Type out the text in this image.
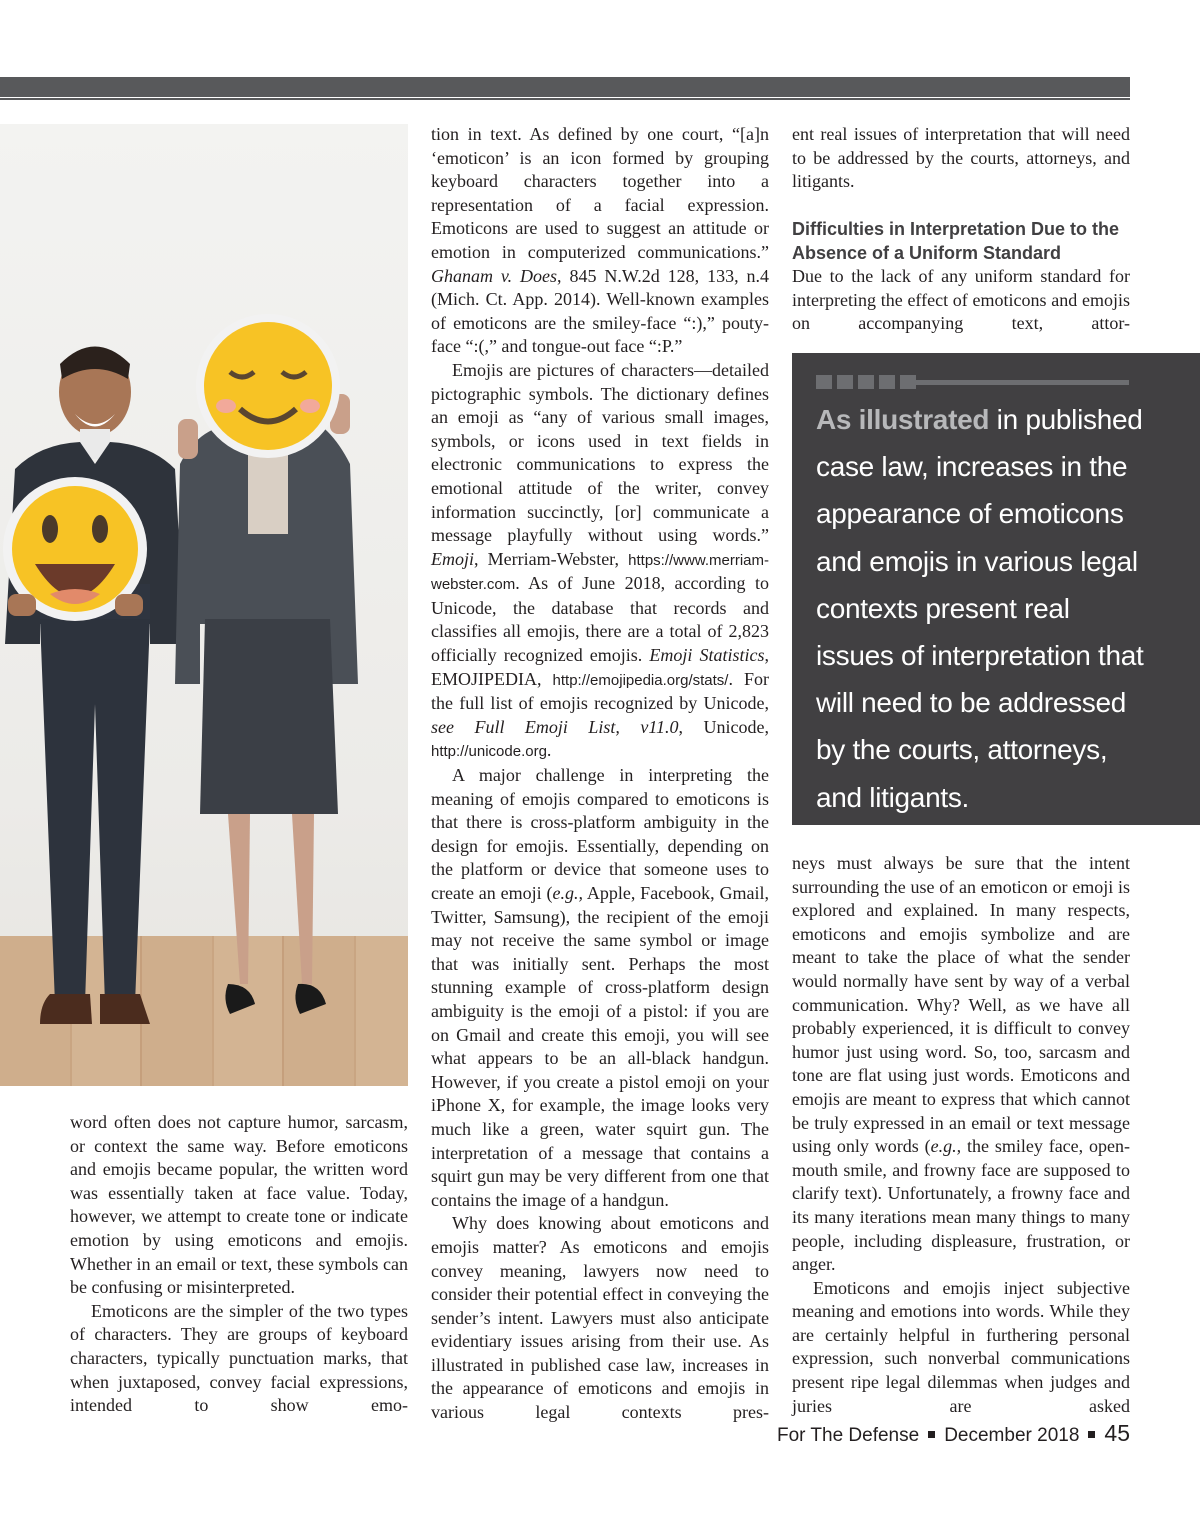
word often does not capture humor, sarcasm, or context the same way. Before emoticons and emojis became popular, the written word was essentially taken at face value. Today, however, we attempt to create tone or indicate emotion by using emoticons and emojis. Whether in an email or text, these symbols can be confusing or misinterpreted.

Emoticons are the simpler of the two types of characters. They are groups of keyboard characters, typically punctuation marks, that when juxtaposed, convey facial expressions, intended to show emo-

tion in text. As defined by one court, “[a]n ‘emoticon’ is an icon formed by grouping keyboard characters together into a representation of a facial expression. Emoticons are used to suggest an attitude or emotion in computerized communications.” Ghanam v. Does, 845 N.W.2d 128, 133, n.4 (Mich. Ct. App. 2014). Well-known examples of emoticons are the smiley-face “:),” pouty-face “:(,” and tongue-out face “:P.”

Emojis are pictures of characters—detailed pictographic symbols. The dictionary defines an emoji as “any of various small images, symbols, or icons used in text fields in electronic communications to express the emotional attitude of the writer, convey information succinctly, [or] communicate a message playfully without using words.” Emoji, Merriam-Webster, https://www.merriam-webster.com. As of June 2018, according to Unicode, the database that records and classifies all emojis, there are a total of 2,823 officially recognized emojis. Emoji Statistics, EMOJIPEDIA, http://emojipedia.org/stats/. For the full list of emojis recognized by Unicode, see Full Emoji List, v11.0, Unicode, http://unicode.org.

A major challenge in interpreting the meaning of emojis compared to emoticons is that there is cross-platform ambiguity in the design for emojis. Essentially, depending on the platform or device that someone uses to create an emoji (e.g., Apple, Facebook, Gmail, Twitter, Samsung), the recipient of the emoji may not receive the same symbol or image that was initially sent. Perhaps the most stunning example of cross-platform design ambiguity is the emoji of a pistol: if you are on Gmail and create this emoji, you will see what appears to be an all-black handgun. However, if you create a pistol emoji on your iPhone X, for example, the image looks very much like a green, water squirt gun. The interpretation of a message that contains a squirt gun may be very different from one that contains the image of a handgun.

Why does knowing about emoticons and emojis matter? As emoticons and emojis convey meaning, lawyers now need to consider their potential effect in conveying the sender’s intent. Lawyers must also anticipate evidentiary issues arising from their use. As illustrated in published case law, increases in the appearance of emoticons and emojis in various legal contexts pres-

ent real issues of interpretation that will need to be addressed by the courts, attorneys, and litigants.

Difficulties in Interpretation Due to the Absence of a Uniform Standard

Due to the lack of any uniform standard for interpreting the effect of emoticons and emojis on accompanying text, attor-

As illustrated in published case law, increases in the appearance of emoticons and emojis in various legal contexts present real issues of interpretation that will need to be addressed by the courts, attorneys, and litigants.

neys must always be sure that the intent surrounding the use of an emoticon or emoji is explored and explained. In many respects, emoticons and emojis symbolize and are meant to take the place of what the sender would normally have sent by way of a verbal communication. Why? Well, as we have all probably experienced, it is difficult to convey humor just using word. So, too, sarcasm and tone are flat using just words. Emoticons and emojis are meant to express that which cannot be truly expressed in an email or text message using only words (e.g., the smiley face, open-mouth smile, and frowny face are supposed to clarify text). Unfortunately, a frowny face and its many iterations mean many things to many people, including displeasure, frustration, or anger.

Emoticons and emojis inject subjective meaning and emotions into words. While they are certainly helpful in furthering personal expression, such nonverbal communications present ripe legal dilemmas when judges and juries are asked

For The Defense December 2018 45
